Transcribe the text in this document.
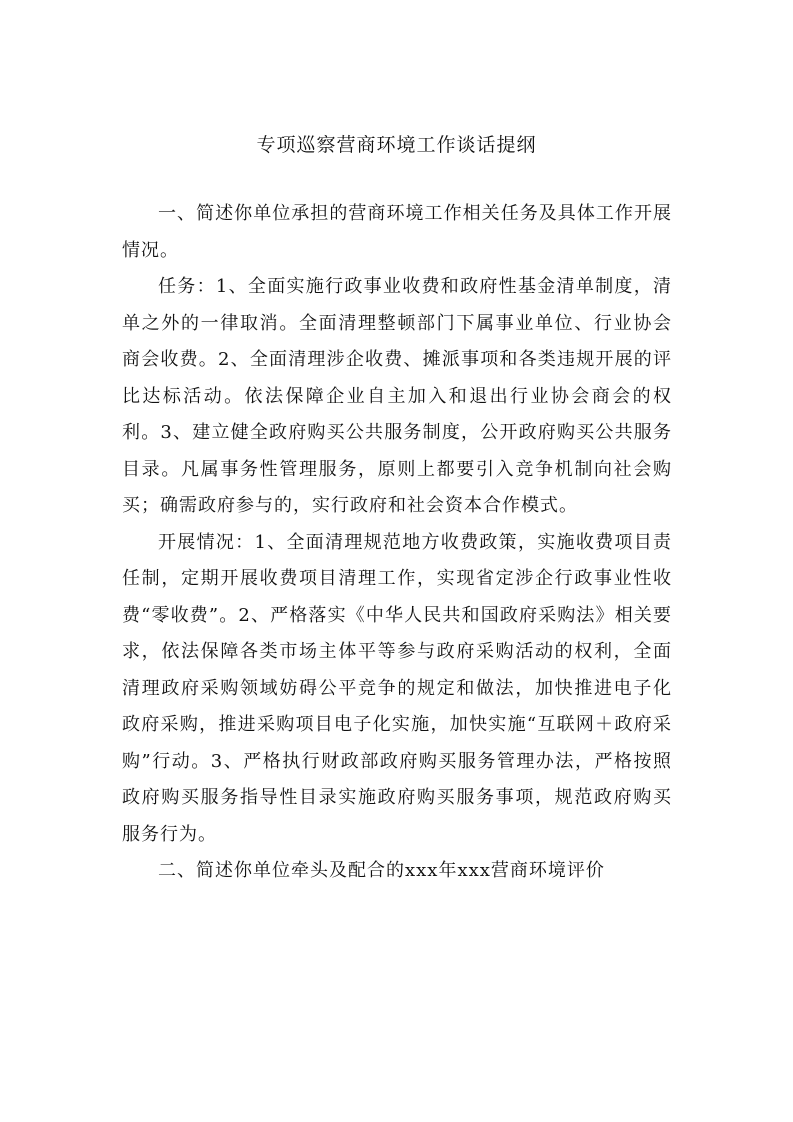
专项巡察营商环境工作谈话提纲

一、简述你单位承担的营商环境工作相关任务及具体工作开展情况。

任务：1、全面实施行政事业收费和政府性基金清单制度，清单之外的一律取消。全面清理整顿部门下属事业单位、行业协会商会收费。2、全面清理涉企收费、摊派事项和各类违规开展的评比达标活动。依法保障企业自主加入和退出行业协会商会的权利。3、建立健全政府购买公共服务制度，公开政府购买公共服务目录。凡属事务性管理服务，原则上都要引入竞争机制向社会购买；确需政府参与的，实行政府和社会资本合作模式。

开展情况：1、全面清理规范地方收费政策，实施收费项目责任制，定期开展收费项目清理工作，实现省定涉企行政事业性收费“零收费”。2、严格落实《中华人民共和国政府采购法》相关要求，依法保障各类市场主体平等参与政府采购活动的权利，全面清理政府采购领域妨碍公平竞争的规定和做法，加快推进电子化政府采购，推进采购项目电子化实施，加快实施“互联网＋政府采购”行动。3、严格执行财政部政府购买服务管理办法，严格按照政府购买服务指导性目录实施政府购买服务事项，规范政府购买服务行为。

二、简述你单位牵头及配合的xxx年xxx营商环境评价
